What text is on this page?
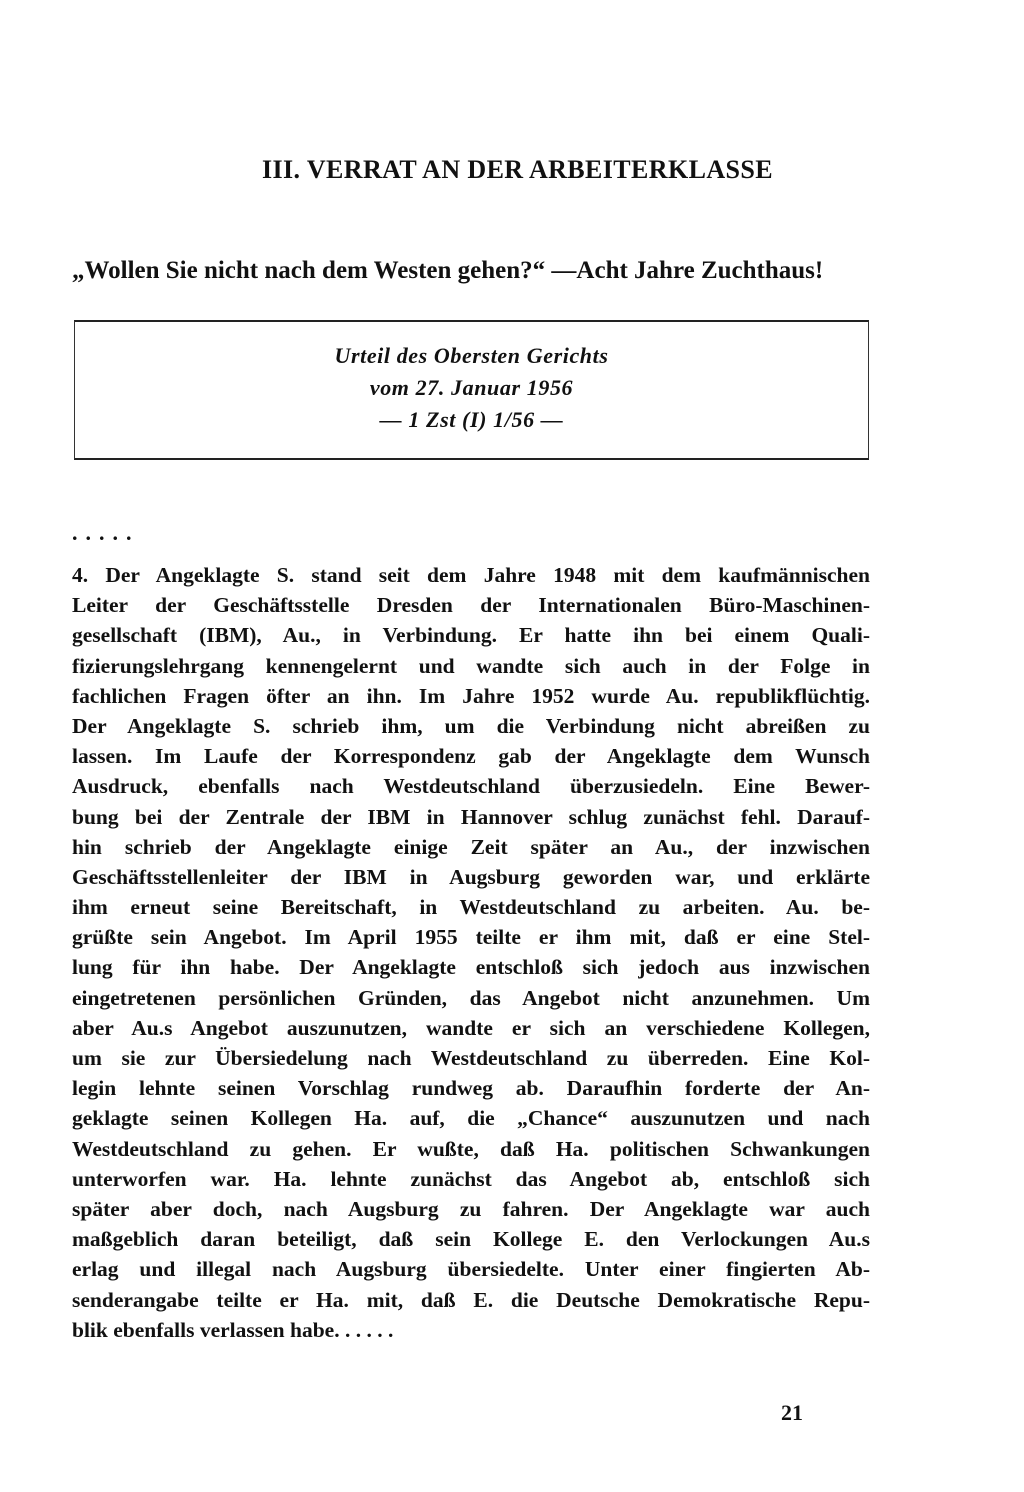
III. VERRAT AN DER ARBEITERKLASSE
„Wollen Sie nicht nach dem Westen gehen?“ —Acht Jahre Zuchthaus!
Urteil des Obersten Gerichts
vom 27. Januar 1956
— 1 Zst (I) 1/56 —
.....
4. Der Angeklagte S. stand seit dem Jahre 1948 mit dem kaufmännischen
Leiter der Geschäftsstelle Dresden der Internationalen Büro-Maschinen-
gesellschaft (IBM), Au., in Verbindung. Er hatte ihn bei einem Quali-
fizierungslehrgang kennengelernt und wandte sich auch in der Folge in
fachlichen Fragen öfter an ihn. Im Jahre 1952 wurde Au. republikflüchtig.
Der Angeklagte S. schrieb ihm, um die Verbindung nicht abreißen zu
lassen. Im Laufe der Korrespondenz gab der Angeklagte dem Wunsch
Ausdruck, ebenfalls nach Westdeutschland überzusiedeln. Eine Bewer-
bung bei der Zentrale der IBM in Hannover schlug zunächst fehl. Darauf-
hin schrieb der Angeklagte einige Zeit später an Au., der inzwischen
Geschäftsstellenleiter der IBM in Augsburg geworden war, und erklärte
ihm erneut seine Bereitschaft, in Westdeutschland zu arbeiten. Au. be-
grüßte sein Angebot. Im April 1955 teilte er ihm mit, daß er eine Stel-
lung für ihn habe. Der Angeklagte entschloß sich jedoch aus inzwischen
eingetretenen persönlichen Gründen, das Angebot nicht anzunehmen. Um
aber Au.s Angebot auszunutzen, wandte er sich an verschiedene Kollegen,
um sie zur Übersiedelung nach Westdeutschland zu überreden. Eine Kol-
legin lehnte seinen Vorschlag rundweg ab. Daraufhin forderte der An-
geklagte seinen Kollegen Ha. auf, die „Chance“ auszunutzen und nach
Westdeutschland zu gehen. Er wußte, daß Ha. politischen Schwankungen
unterworfen war. Ha. lehnte zunächst das Angebot ab, entschloß sich
später aber doch, nach Augsburg zu fahren. Der Angeklagte war auch
maßgeblich daran beteiligt, daß sein Kollege E. den Verlockungen Au.s
erlag und illegal nach Augsburg übersiedelte. Unter einer fingierten Ab-
senderangabe teilte er Ha. mit, daß E. die Deutsche Demokratische Repu-
blik ebenfalls verlassen habe. . . . . .
21
